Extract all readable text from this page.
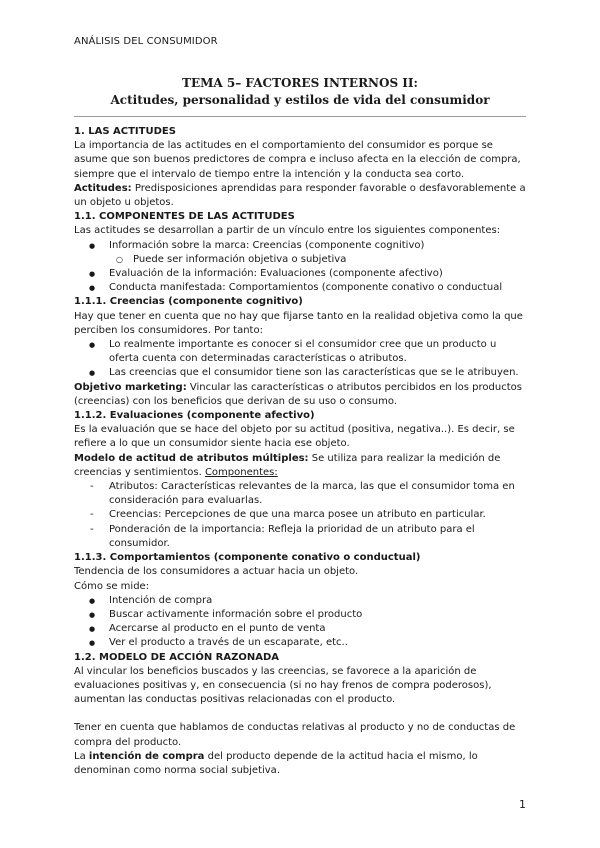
ANÁLISIS DEL CONSUMIDOR
TEMA 5– FACTORES INTERNOS II:
Actitudes, personalidad y estilos de vida del consumidor

1. LAS ACTITUDES

La importancia de las actitudes en el comportamiento del consumidor es porque se asume que son buenos predictores de compra e incluso afecta en la elección de compra, siempre que el intervalo de tiempo entre la intención y la conducta sea corto.

Actitudes: Predisposiciones aprendidas para responder favorable o desfavorablemente a un objeto u objetos.

1.1. COMPONENTES DE LAS ACTITUDES

Las actitudes se desarrollan a partir de un vínculo entre los siguientes componentes:

● Información sobre la marca: Creencias (componente cognitivo)
○ Puede ser información objetiva o subjetiva
● Evaluación de la información: Evaluaciones (componente afectivo)
● Conducta manifestada: Comportamientos (componente conativo o conductual

1.1.1. Creencias (componente cognitivo)

Hay que tener en cuenta que no hay que fijarse tanto en la realidad objetiva como la que perciben los consumidores. Por tanto:

● Lo realmente importante es conocer si el consumidor cree que un producto u oferta cuenta con determinadas características o atributos.
● Las creencias que el consumidor tiene son las características que se le atribuyen.

Objetivo marketing: Vincular las características o atributos percibidos en los productos (creencias) con los beneficios que derivan de su uso o consumo.

1.1.2. Evaluaciones (componente afectivo)

Es la evaluación que se hace del objeto por su actitud (positiva, negativa..). Es decir, se refiere a lo que un consumidor siente hacia ese objeto.

Modelo de actitud de atributos múltiples: Se utiliza para realizar la medición de creencias y sentimientos. Componentes:

- Atributos: Características relevantes de la marca, las que el consumidor toma en consideración para evaluarlas.
- Creencias: Percepciones de que una marca posee un atributo en particular.
- Ponderación de la importancia: Refleja la prioridad de un atributo para el consumidor.

1.1.3. Comportamientos (componente conativo o conductual)

Tendencia de los consumidores a actuar hacia un objeto.

Cómo se mide:

● Intención de compra
● Buscar activamente información sobre el producto
● Acercarse al producto en el punto de venta
● Ver el producto a través de un escaparate, etc..

1.2. MODELO DE ACCIÓN RAZONADA

Al vincular los beneficios buscados y las creencias, se favorece a la aparición de evaluaciones positivas y, en consecuencia (si no hay frenos de compra poderosos), aumentan las conductas positivas relacionadas con el producto.

Tener en cuenta que hablamos de conductas relativas al producto y no de conductas de compra del producto.

La intención de compra del producto depende de la actitud hacia el mismo, lo denominan como norma social subjetiva.

1
